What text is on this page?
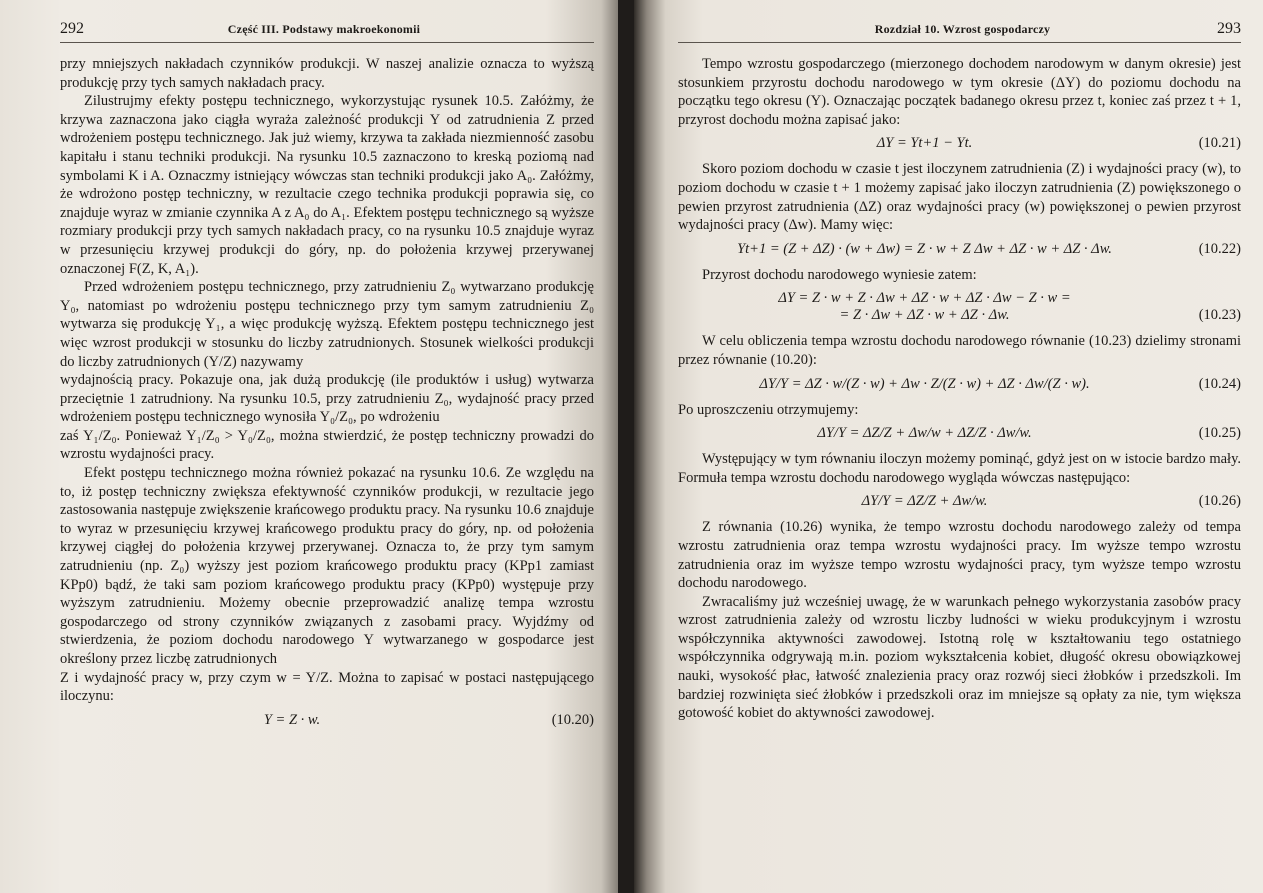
292	Część III. Podstawy makroekonomii

przy mniejszych nakładach czynników produkcji. W naszej analizie oznacza to wyższą produkcję przy tych samych nakładach pracy.

Zilustrujmy efekty postępu technicznego, wykorzystując rysunek 10.5. Załóżmy, że krzywa zaznaczona jako ciągła wyraża zależność produkcji Y od zatrudnienia Z przed wdrożeniem postępu technicznego. Jak już wiemy, krzywa ta zakłada niezmienność zasobu kapitału i stanu techniki produkcji. Na rysunku 10.5 zaznaczono to kreską poziomą nad symbolami K i A. Oznaczmy istniejący wówczas stan techniki produkcji jako A₀. Załóżmy, że wdrożono postęp techniczny, w rezultacie czego technika produkcji poprawia się, co znajduje wyraz w zmianie czynnika A z A₀ do A₁. Efektem postępu technicznego są wyższe rozmiary produkcji przy tych samych nakładach pracy, co na rysunku 10.5 znajduje wyraz w przesunięciu krzywej produkcji do góry, np. do położenia krzywej przerywanej oznaczonej F(Z, K, A₁).

Przed wdrożeniem postępu technicznego, przy zatrudnieniu Z₀ wytwarzano produkcję Y₀, natomiast po wdrożeniu postępu technicznego przy tym samym zatrudnieniu Z₀ wytwarza się produkcję Y₁, a więc produkcję wyższą. Efektem postępu technicznego jest więc wzrost produkcji w stosunku do liczby zatrudnionych. Stosunek wielkości produkcji do liczby zatrudnionych (Y/Z) nazywamy

wydajnością pracy. Pokazuje ona, jak dużą produkcję (ile produktów i usług) wytwarza przeciętnie 1 zatrudniony. Na rysunku 10.5, przy zatrudnieniu Z₀, wydajność pracy przed wdrożeniem postępu technicznego wynosiła Y₀/Z₀, po wdrożeniu

zaś Y₁/Z₀. Ponieważ Y₁/Z₀ > Y₀/Z₀, można stwierdzić, że postęp techniczny prowadzi do wzrostu wydajności pracy.

Efekt postępu technicznego można również pokazać na rysunku 10.6. Ze względu na to, iż postęp techniczny zwiększa efektywność czynników produkcji, w rezultacie jego zastosowania następuje zwiększenie krańcowego produktu pracy. Na rysunku 10.6 znajduje to wyraz w przesunięciu krzywej krańcowego produktu pracy do góry, np. od położenia krzywej ciągłej do położenia krzywej przerywanej. Oznacza to, że przy tym samym zatrudnieniu (np. Z₀) wyższy jest poziom krańcowego produktu pracy (KPp1 zamiast KPp0) bądź, że taki sam poziom krańcowego produktu pracy (KPp0) występuje przy wyższym zatrudnieniu. Możemy obecnie przeprowadzić analizę tempa wzrostu gospodarczego od strony czynników związanych z zasobami pracy. Wyjdźmy od stwierdzenia, że poziom dochodu narodowego Y wytwarzanego w gospodarce jest określony przez liczbę zatrudnionych

Z i wydajność pracy w, przy czym w = Y/Z. Można to zapisać w postaci następującego iloczynu:

Y = Z · w.	(10.20)
Rozdział 10. Wzrost gospodarczy	293

Tempo wzrostu gospodarczego (mierzonego dochodem narodowym w danym okresie) jest stosunkiem przyrostu dochodu narodowego w tym okresie (ΔY) do poziomu dochodu na początku tego okresu (Y). Oznaczając początek badanego okresu przez t, koniec zaś przez t + 1, przyrost dochodu można zapisać jako:

ΔY = Yt+1 − Yt.	(10.21)

Skoro poziom dochodu w czasie t jest iloczynem zatrudnienia (Z) i wydajności pracy (w), to poziom dochodu w czasie t + 1 możemy zapisać jako iloczyn zatrudnienia (Z) powiększonego o pewien przyrost zatrudnienia (ΔZ) oraz wydajności pracy (w) powiększonej o pewien przyrost wydajności pracy (Δw). Mamy więc:

Yt+1 = (Z + ΔZ) · (w + Δw) = Z · w + Z Δw + ΔZ · w + ΔZ · Δw.	(10.22)

Przyrost dochodu narodowego wyniesie zatem:

ΔY = Z · w + Z · Δw + ΔZ · w + ΔZ · Δw − Z · w =
= Z · Δw + ΔZ · w + ΔZ · Δw.	(10.23)

W celu obliczenia tempa wzrostu dochodu narodowego równanie (10.23) dzielimy stronami przez równanie (10.20):

ΔY/Y = ΔZ · w/(Z · w) + Δw · Z/(Z · w) + ΔZ · Δw/(Z · w).	(10.24)

Po uproszczeniu otrzymujemy:

ΔY/Y = ΔZ/Z + Δw/w + ΔZ/Z · Δw/w.	(10.25)

Występujący w tym równaniu iloczyn możemy pominąć, gdyż jest on w istocie bardzo mały. Formuła tempa wzrostu dochodu narodowego wygląda wówczas następująco:

ΔY/Y = ΔZ/Z + Δw/w.	(10.26)

Z równania (10.26) wynika, że tempo wzrostu dochodu narodowego zależy od tempa wzrostu zatrudnienia oraz tempa wzrostu wydajności pracy. Im wyższe tempo wzrostu zatrudnienia oraz im wyższe tempo wzrostu wydajności pracy, tym wyższe tempo wzrostu dochodu narodowego.

Zwracaliśmy już wcześniej uwagę, że w warunkach pełnego wykorzystania zasobów pracy wzrost zatrudnienia zależy od wzrostu liczby ludności w wieku produkcyjnym i wzrostu współczynnika aktywności zawodowej. Istotną rolę w kształtowaniu tego ostatniego współczynnika odgrywają m.in. poziom wykształcenia kobiet, długość okresu obowiązkowej nauki, wysokość płac, łatwość znalezienia pracy oraz rozwój sieci żłobków i przedszkoli. Im bardziej rozwinięta sieć żłobków i przedszkoli oraz im mniejsze są opłaty za nie, tym większa gotowość kobiet do aktywności zawodowej.
